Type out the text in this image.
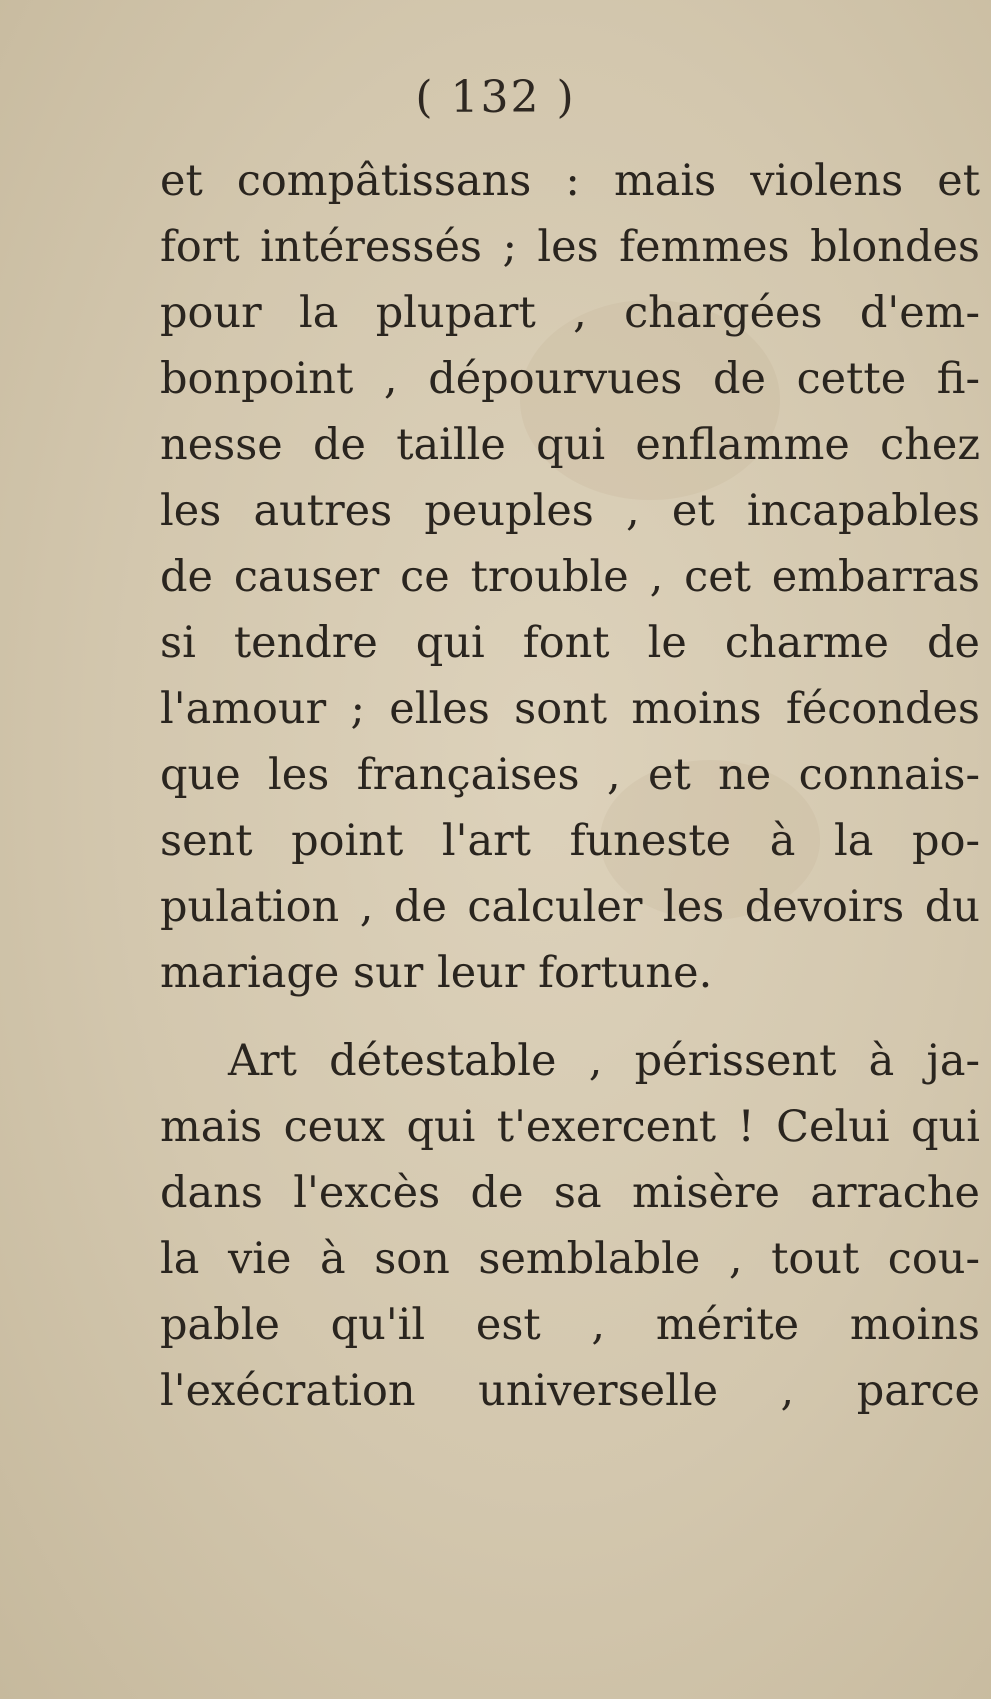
( 132 )
et compâtissans : mais violens et
fort intéressés ; les femmes blondes
pour la plupart , chargées d'em-
bonpoint , dépourvues de cette fi-
nesse de taille qui enflamme chez
les autres peuples , et incapables
de causer ce trouble , cet embarras
si tendre qui font le charme de
l'amour ; elles sont moins fécondes
que les françaises , et ne connais-
sent point l'art funeste à la po-
pulation , de calculer les devoirs du
mariage sur leur fortune.
Art détestable , périssent à ja-
mais ceux qui t'exercent ! Celui qui
dans l'excès de sa misère arrache
la vie à son semblable , tout cou-
pable qu'il est , mérite moins
l'exécration universelle , parce
